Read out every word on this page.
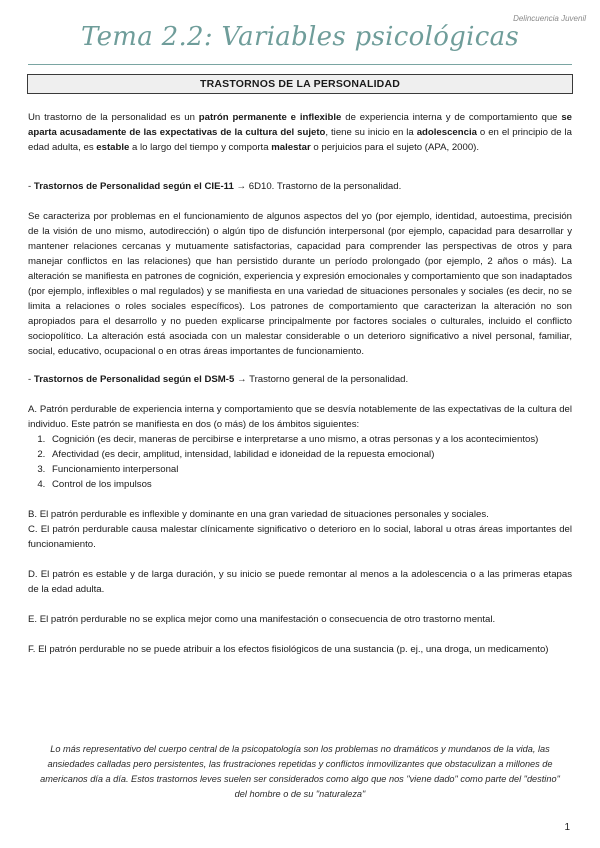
Delincuencia Juvenil
Tema 2.2: Variables psicológicas
TRASTORNOS DE LA PERSONALIDAD

Un trastorno de la personalidad es un patrón permanente e inflexible de experiencia interna y de comportamiento que se aparta acusadamente de las expectativas de la cultura del sujeto, tiene su inicio en la adolescencia o en el principio de la edad adulta, es estable a lo largo del tiempo y comporta malestar o perjuicios para el sujeto (APA, 2000).

- Trastornos de Personalidad según el CIE-11 → 6D10. Trastorno de la personalidad.

Se caracteriza por problemas en el funcionamiento de algunos aspectos del yo (por ejemplo, identidad, autoestima, precisión de la visión de uno mismo, autodirección) o algún tipo de disfunción interpersonal (por ejemplo, capacidad para desarrollar y mantener relaciones cercanas y mutuamente satisfactorias, capacidad para comprender las perspectivas de otros y para manejar conflictos en las relaciones) que han persistido durante un período prolongado (por ejemplo, 2 años o más). La alteración se manifiesta en patrones de cognición, experiencia y expresión emocionales y comportamiento que son inadaptados (por ejemplo, inflexibles o mal regulados) y se manifiesta en una variedad de situaciones personales y sociales (es decir, no se limita a relaciones o roles sociales específicos). Los patrones de comportamiento que caracterizan la alteración no son apropiados para el desarrollo y no pueden explicarse principalmente por factores sociales o culturales, incluido el conflicto sociopolítico. La alteración está asociada con un malestar considerable o un deterioro significativo a nivel personal, familiar, social, educativo, ocupacional o en otras áreas importantes de funcionamiento.

- Trastornos de Personalidad según el DSM-5 → Trastorno general de la personalidad.

A. Patrón perdurable de experiencia interna y comportamiento que se desvía notablemente de las expectativas de la cultura del individuo. Este patrón se manifiesta en dos (o más) de los ámbitos siguientes:

1. Cognición (es decir, maneras de percibirse e interpretarse a uno mismo, a otras personas y a los acontecimientos)
2. Afectividad (es decir, amplitud, intensidad, labilidad e idoneidad de la repuesta emocional)
3. Funcionamiento interpersonal
4. Control de los impulsos

B. El patrón perdurable es inflexible y dominante en una gran variedad de situaciones personales y sociales.

C. El patrón perdurable causa malestar clínicamente significativo o deterioro en lo social, laboral u otras áreas importantes del funcionamiento.

D. El patrón es estable y de larga duración, y su inicio se puede remontar al menos a la adolescencia o a las primeras etapas de la edad adulta.

E. El patrón perdurable no se explica mejor como una manifestación o consecuencia de otro trastorno mental.

F. El patrón perdurable no se puede atribuir a los efectos fisiológicos de una sustancia (p. ej., una droga, un medicamento)

Lo más representativo del cuerpo central de la psicopatología son los problemas no dramáticos y mundanos de la vida, las ansiedades calladas pero persistentes, las frustraciones repetidas y conflictos inmovilizantes que obstaculizan a millones de americanos día a día. Estos trastornos leves suelen ser considerados como algo que nos "viene dado" como parte del "destino" del hombre o de su "naturaleza"
1
